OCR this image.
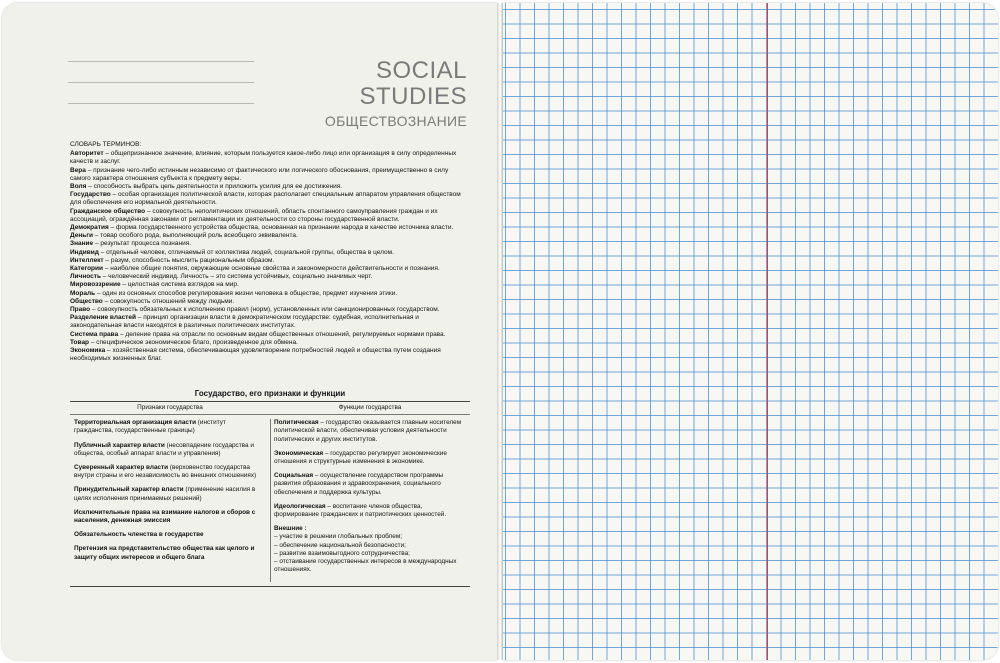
SOCIAL
STUDIES
ОБЩЕСТВОЗНАНИЕ
СЛОВАРЬ ТЕРМИНОВ:
Авторитет – общепризнанное значение, влияние, которым пользуется какое-либо лицо или организация в силу определенных качеств и заслуг.
Вера – признание чего-либо истинным независимо от фактического или логического обоснования, преимущественно в силу самого характера отношения субъекта к предмету веры.
Воля – способность выбрать цель деятельности и приложить усилия для ее достижения.
Государство – особая организация политической власти, которая располагает специальным аппаратом управления обществом для обеспечения его нормальной деятельности.
Гражданское общество – совокупность неполитических отношений, область спонтанного самоуправления граждан и их ассоциаций, ограждённая законами от регламентации их деятельности со стороны государственной власти.
Демократия – форма государственного устройства общества, основанная на признании народа в качестве источника власти.
Деньги – товар особого рода, выполняющий роль всеобщего эквивалента.
Знание – результат процесса познания.
Индивид – отдельный человек, отличаемый от коллектива людей, социальной группы, общества в целом.
Интеллект – разум, способность мыслить рациональным образом.
Категории – наиболее общие понятия, окружающие основные свойства и закономерности действительности и познания.
Личность – человеческий индивид. Личность – это система устойчивых, социально значимых черт.
Мировоззрение – целостная система взглядов на мир.
Мораль – один из основных способов регулирования жизни человека в обществе, предмет изучения этики.
Общество – совокупность отношений между людьми.
Право – совокупность обязательных к исполнению правил (норм), установленных или санкционированных государством.
Разделение властей – принцип организации власти в демократическом государстве: судебная, исполнительная и законодательная власти находятся в различных политических институтах.
Система права – деление права на отрасли по основным видам общественных отношений, регулируемых нормами права.
Товар – специфическое экономическое благо, произведенное для обмена.
Экономика – хозяйственная система, обеспечивающая удовлетворение потребностей людей и общества путем создания необходимых жизненных благ.
Государство, его признаки и функции
Признаки государства	Функции государства
Территориальная организация власти (институт гражданства, государственные границы)
Публичный характер власти (несовпадение государства и общества, особый аппарат власти и управления)
Суверенный характер власти (верховенство государства внутри страны и его независимость во внешних отношениях)
Принудительный характер власти (применение насилия в целях исполнения принимаемых решений)
Исключительные права на взимание налогов и сборов с населения, денежная эмиссия
Обязательность членства в государстве
Претензия на представительство общества как целого и защиту общих интересов и общего блага
Политическая – государство оказывается главным носителем политической власти, обеспечивая условия деятельности политических и других институтов.
Экономическая – государство регулирует экономические отношения и структурные изменения в экономике.
Социальная – осуществление государством программы развития образования и здравоохранения, социального обеспечения и поддержка культуры.
Идеологическая – воспитание членов общества, формирование гражданских и патриотических ценностей.
Внешние :
– участие в решении глобальных проблем;
– обеспечение национальной безопасности;
– развитие взаимовыгодного сотрудничества;
– отстаивание государственных интересов в международных отношениях.
